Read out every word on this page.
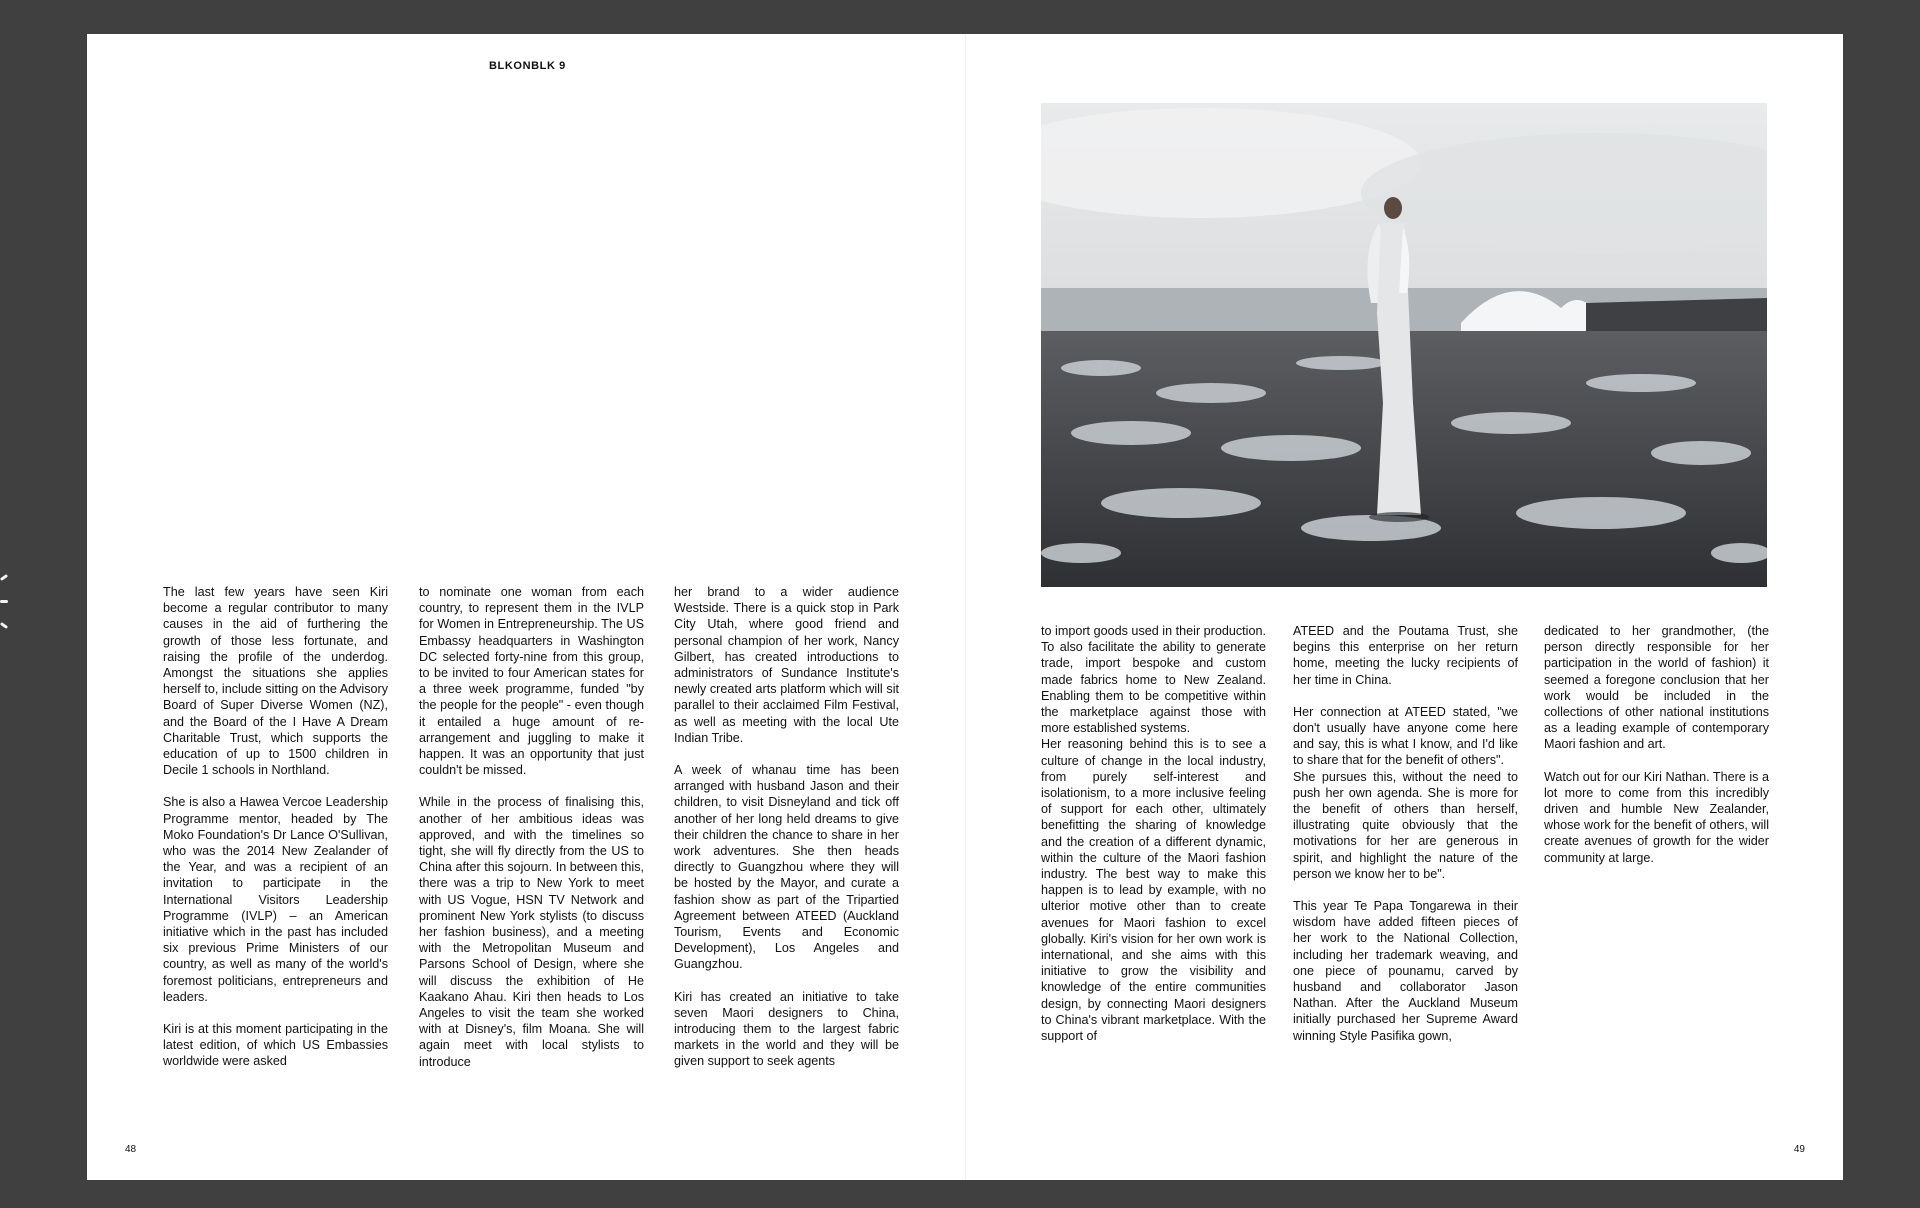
BLKONBLK 9

The last few years have seen Kiri become a regular contributor to many causes in the aid of furthering the growth of those less fortunate, and raising the profile of the underdog. Amongst the situations she applies herself to, include sitting on the Advisory Board of Super Diverse Women (NZ), and the Board of the I Have A Dream Charitable Trust, which supports the education of up to 1500 children in Decile 1 schools in Northland.

She is also a Hawea Vercoe Leadership Programme mentor, headed by The Moko Foundation's Dr Lance O'Sullivan, who was the 2014 New Zealander of the Year, and was a recipient of an invitation to participate in the International Visitors Leadership Programme (IVLP) – an American initiative which in the past has included six previous Prime Ministers of our country, as well as many of the world's foremost politicians, entrepreneurs and leaders.

Kiri is at this moment participating in the latest edition, of which US Embassies worldwide were asked

to nominate one woman from each country, to represent them in the IVLP for Women in Entrepreneurship. The US Embassy headquarters in Washington DC selected forty-nine from this group, to be invited to four American states for a three week programme, funded "by the people for the people" - even though it entailed a huge amount of re-arrangement and juggling to make it happen. It was an opportunity that just couldn't be missed.

While in the process of finalising this, another of her ambitious ideas was approved, and with the timelines so tight, she will fly directly from the US to China after this sojourn. In between this, there was a trip to New York to meet with US Vogue, HSN TV Network and prominent New York stylists (to discuss her fashion business), and a meeting with the Metropolitan Museum and Parsons School of Design, where she will discuss the exhibition of He Kaakano Ahau. Kiri then heads to Los Angeles to visit the team she worked with at Disney's, film Moana. She will again meet with local stylists to introduce

her brand to a wider audience Westside. There is a quick stop in Park City Utah, where good friend and personal champion of her work, Nancy Gilbert, has created introductions to administrators of Sundance Institute's newly created arts platform which will sit parallel to their acclaimed Film Festival, as well as meeting with the local Ute Indian Tribe.

A week of whanau time has been arranged with husband Jason and their children, to visit Disneyland and tick off another of her long held dreams to give their children the chance to share in her work adventures. She then heads directly to Guangzhou where they will be hosted by the Mayor, and curate a fashion show as part of the Tripartied Agreement between ATEED (Auckland Tourism, Events and Economic Development), Los Angeles and Guangzhou.

Kiri has created an initiative to take seven Maori designers to China, introducing them to the largest fabric markets in the world and they will be given support to seek agents

to import goods used in their production. To also facilitate the ability to generate trade, import bespoke and custom made fabrics home to New Zealand. Enabling them to be competitive within the marketplace against those with more established systems.

Her reasoning behind this is to see a culture of change in the local industry, from purely self-interest and isolationism, to a more inclusive feeling of support for each other, ultimately benefitting the sharing of knowledge and the creation of a different dynamic, within the culture of the Maori fashion industry. The best way to make this happen is to lead by example, with no ulterior motive other than to create avenues for Maori fashion to excel globally. Kiri's vision for her own work is international, and she aims with this initiative to grow the visibility and knowledge of the entire communities design, by connecting Maori designers to China's vibrant marketplace. With the support of

ATEED and the Poutama Trust, she begins this enterprise on her return home, meeting the lucky recipients of her time in China.

Her connection at ATEED stated, "we don't usually have anyone come here and say, this is what I know, and I'd like to share that for the benefit of others".

She pursues this, without the need to push her own agenda. She is more for the benefit of others than herself, illustrating quite obviously that the motivations for her are generous in spirit, and highlight the nature of the person we know her to be".

This year Te Papa Tongarewa in their wisdom have added fifteen pieces of her work to the National Collection, including her trademark weaving, and one piece of pounamu, carved by husband and collaborator Jason Nathan. After the Auckland Museum initially purchased her Supreme Award winning Style Pasifika gown,

dedicated to her grandmother, (the person directly responsible for her participation in the world of fashion) it seemed a foregone conclusion that her work would be included in the collections of other national institutions as a leading example of contemporary Maori fashion and art.

Watch out for our Kiri Nathan. There is a lot more to come from this incredibly driven and humble New Zealander, whose work for the benefit of others, will create avenues of growth for the wider community at large.

48	49
